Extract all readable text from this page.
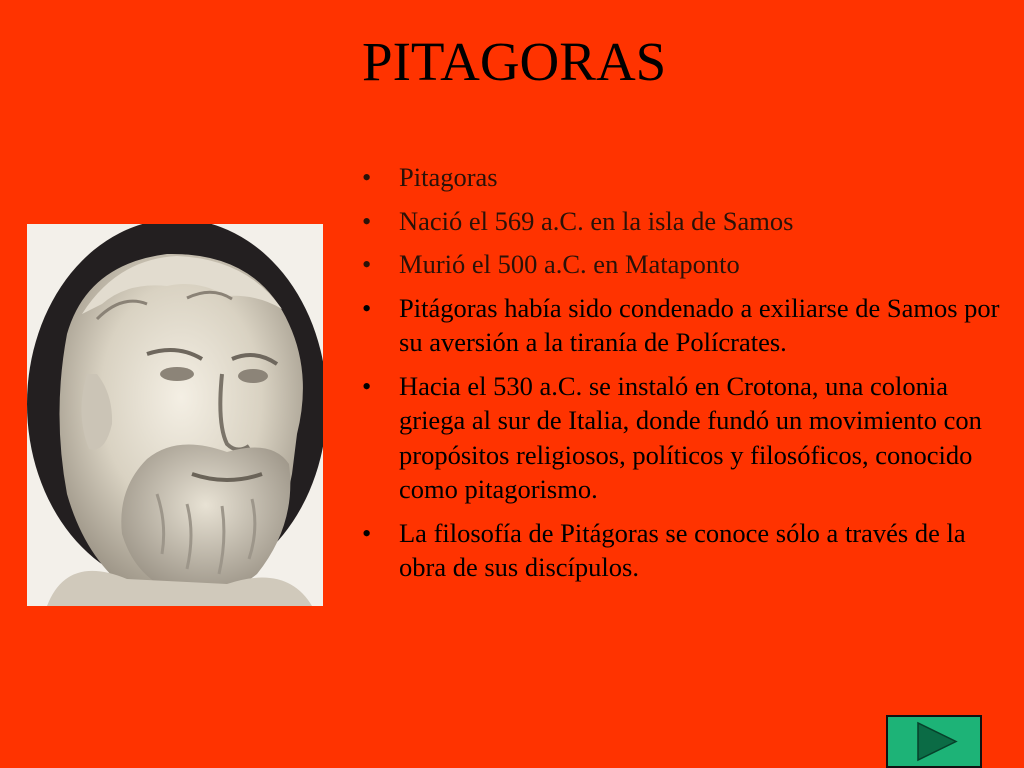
PITAGORAS
• Pitagoras
• Nació el 569 a.C. en la isla de Samos
• Murió el 500 a.C. en Mataponto
• Pitágoras había sido condenado a exiliarse de Samos por su aversión a la tiranía de Polícrates.
• Hacia el 530 a.C. se instaló en Crotona, una colonia griega al sur de Italia, donde fundó un movimiento con propósitos religiosos, políticos y filosóficos, conocido como pitagorismo.
• La filosofía de Pitágoras se conoce sólo a través de la obra de sus discípulos.
